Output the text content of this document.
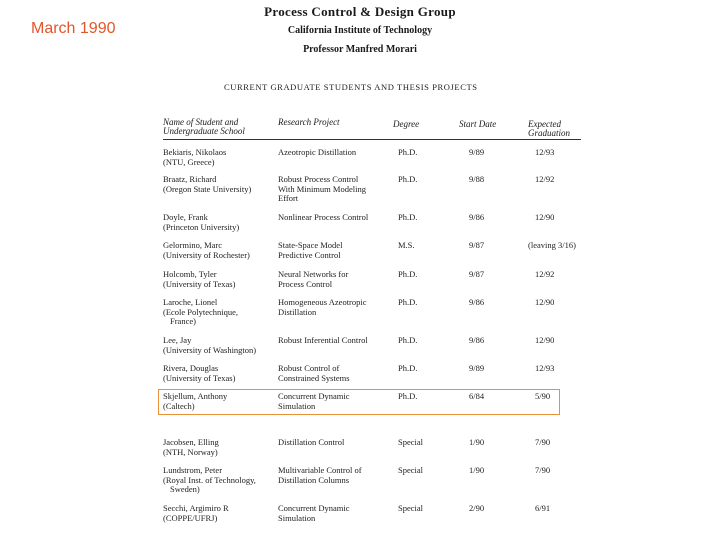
March 1990
Process Control & Design Group
California Institute of Technology
Professor Manfred Morari
CURRENT GRADUATE STUDENTS AND THESIS PROJECTS
Name of Student and
Undergraduate School
Research Project	Degree	Start Date	Expected
Graduation
Bekiaris, Nikolaos
(NTU, Greece)
Azeotropic Distillation	Ph.D.	9/89	12/93
Braatz, Richard
(Oregon State University)
Robust Process Control
With Minimum Modeling
Effort
Ph.D.	9/88	12/92
Doyle, Frank
(Princeton University)
Nonlinear Process Control	Ph.D.	9/86	12/90
Gelormino, Marc
(University of Rochester)
State-Space Model
Predictive Control
M.S.	9/87	(leaving 3/16)
Holcomb, Tyler
(University of Texas)
Neural Networks for
Process Control
Ph.D.	9/87	12/92
Laroche, Lionel
(Ecole Polytechnique,
France)
Homogeneous Azeotropic
Distillation
Ph.D.	9/86	12/90
Lee, Jay
(University of Washington)
Robust Inferential Control	Ph.D.	9/86	12/90
Rivera, Douglas
(University of Texas)
Robust Control of
Constrained Systems
Ph.D.	9/89	12/93
Skjellum, Anthony
(Caltech)
Concurrent Dynamic
Simulation
Ph.D.	6/84	5/90
Jacobsen, Elling
(NTH, Norway)
Distillation Control	Special	1/90	7/90
Lundstrom, Peter
(Royal Inst. of Technology,
Sweden)
Multivariable Control of
Distillation Columns
Special	1/90	7/90
Secchi, Argimiro R
(COPPE/UFRJ)
Concurrent Dynamic
Simulation
Special	2/90	6/91
